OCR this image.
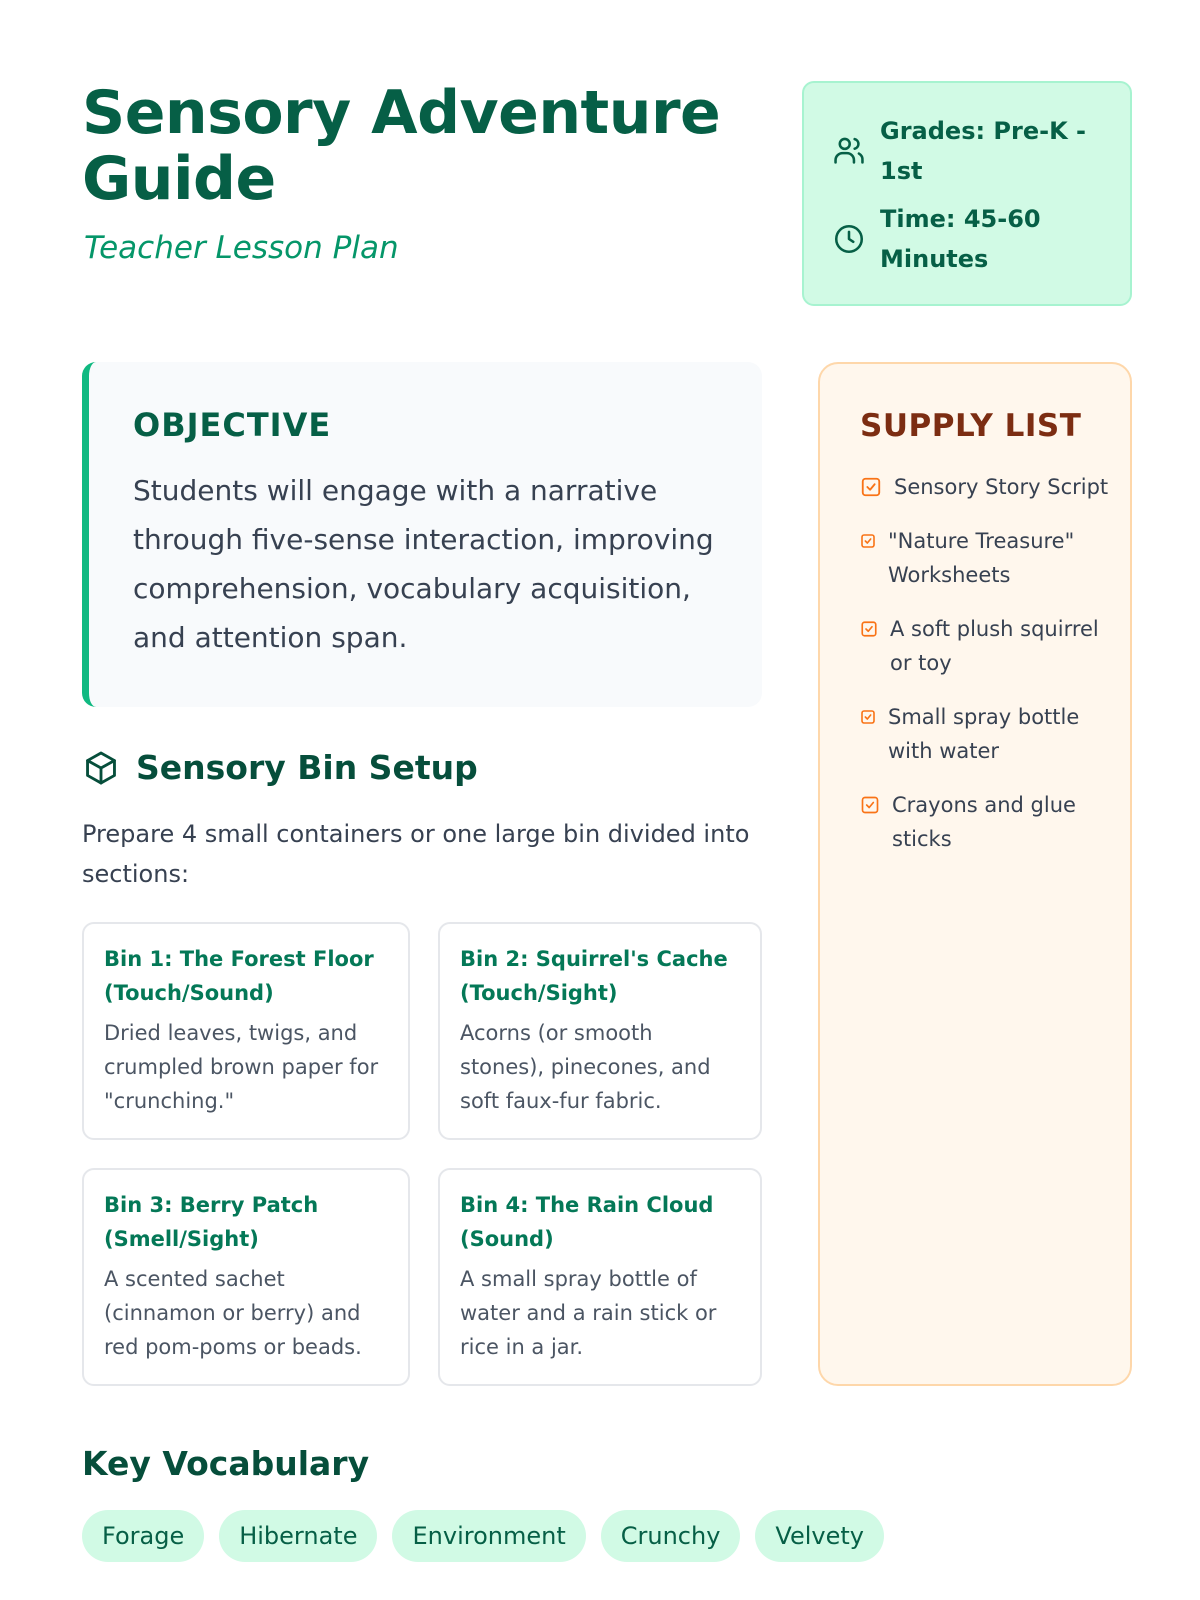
Sensory Adventure Guide
Teacher Lesson Plan
Grades: Pre-K - 1st
Time: 45-60 Minutes
OBJECTIVE
Students will engage with a narrative through five-sense interaction, improving comprehension, vocabulary acquisition, and attention span.
Sensory Bin Setup
Prepare 4 small containers or one large bin divided into sections:
Bin 1: The Forest Floor (Touch/Sound)
Dried leaves, twigs, and crumpled brown paper for "crunching."
Bin 2: Squirrel's Cache (Touch/Sight)
Acorns (or smooth stones), pinecones, and soft faux-fur fabric.
Bin 3: Berry Patch (Smell/Sight)
A scented sachet (cinnamon or berry) and red pom-poms or beads.
Bin 4: The Rain Cloud (Sound)
A small spray bottle of water and a rain stick or rice in a jar.
SUPPLY LIST
Sensory Story Script
"Nature Treasure" Worksheets
A soft plush squirrel or toy
Small spray bottle with water
Crayons and glue sticks
Key Vocabulary
Forage	Hibernate	Environment	Crunchy	Velvety
